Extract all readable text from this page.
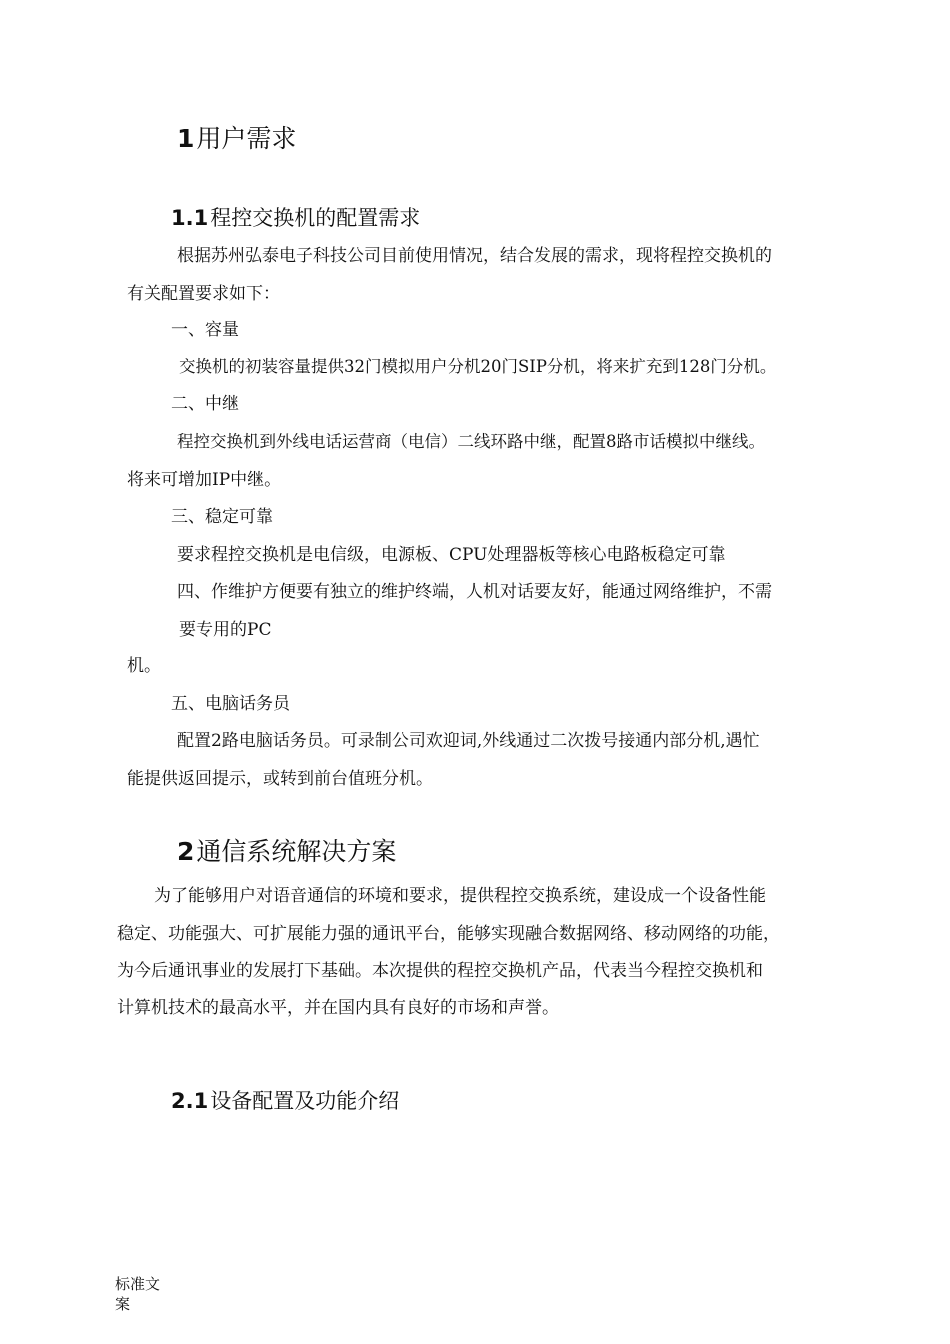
1用户需求
1.1程控交换机的配置需求
根据苏州弘泰电子科技公司目前使用情况，结合发展的需求，现将程控交换机的
有关配置要求如下：
一、容量
交换机的初装容量提供32门模拟用户分机20门SIP分机，将来扩充到128门分机。
二、中继
程控交换机到外线电话运营商（电信）二线环路中继，配置8路市话模拟中继线。
将来可增加IP中继。
三、稳定可靠
要求程控交换机是电信级，电源板、CPU处理器板等核心电路板稳定可靠
四、作维护方便要有独立的维护终端，人机对话要友好，能通过网络维护，不需
要专用的PC
机。
五、电脑话务员
配置2路电脑话务员。可录制公司欢迎词,外线通过二次拨号接通内部分机,遇忙
能提供返回提示，或转到前台值班分机。
2通信系统解决方案
为了能够用户对语音通信的环境和要求，提供程控交换系统，建设成一个设备性能
稳定、功能强大、可扩展能力强的通讯平台，能够实现融合数据网络、移动网络的功能，
为今后通讯事业的发展打下基础。本次提供的程控交换机产品，代表当今程控交换机和
计算机技术的最高水平，并在国内具有良好的市场和声誉。
2.1设备配置及功能介绍
标准文案
